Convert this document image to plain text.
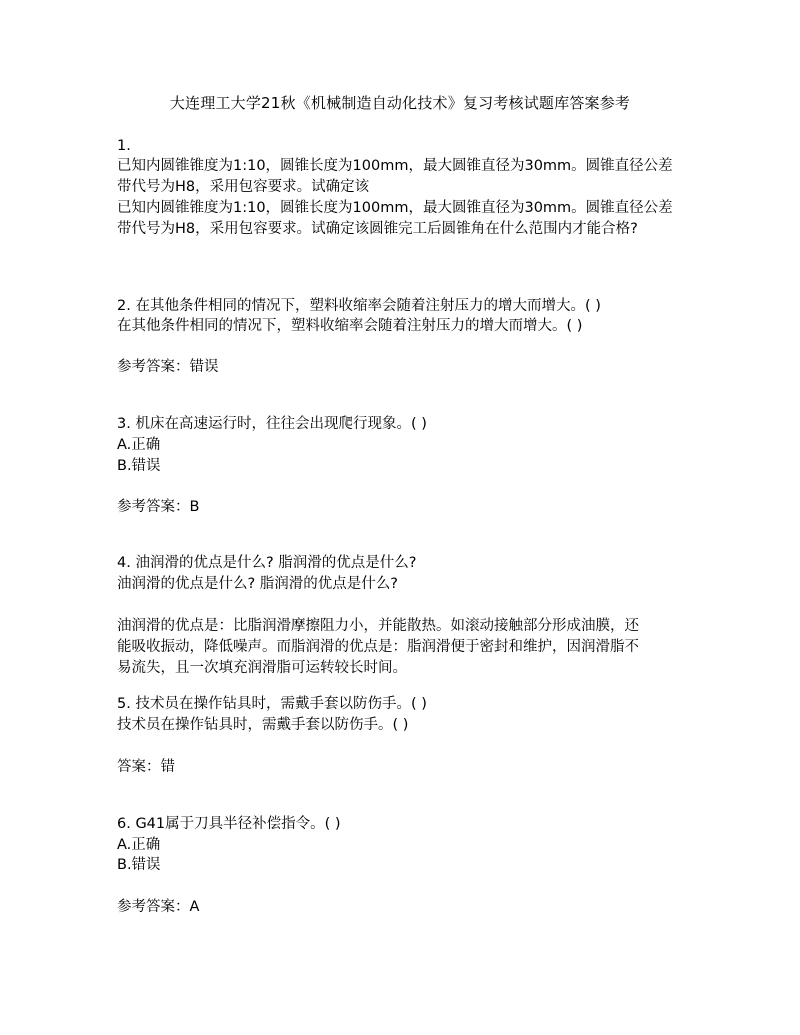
大连理工大学21秋《机械制造自动化技术》复习考核试题库答案参考
1.
已知内圆锥锥度为1:10，圆锥长度为100mm，最大圆锥直径为30mm。圆锥直径公差
带代号为H8，采用包容要求。试确定该
已知内圆锥锥度为1:10，圆锥长度为100mm，最大圆锥直径为30mm。圆锥直径公差
带代号为H8，采用包容要求。试确定该圆锥完工后圆锥角在什么范围内才能合格?
2. 在其他条件相同的情况下，塑料收缩率会随着注射压力的增大而增大。( )
在其他条件相同的情况下，塑料收缩率会随着注射压力的增大而增大。( )
参考答案：错误
3. 机床在高速运行时，往往会出现爬行现象。( )
A.正确
B.错误
参考答案：B
4. 油润滑的优点是什么? 脂润滑的优点是什么?
油润滑的优点是什么? 脂润滑的优点是什么?
油润滑的优点是：比脂润滑摩擦阻力小，并能散热。如滚动接触部分形成油膜，还
能吸收振动，降低噪声。而脂润滑的优点是：脂润滑便于密封和维护，因润滑脂不
易流失，且一次填充润滑脂可运转较长时间。
5. 技术员在操作钻具时，需戴手套以防伤手。( )
技术员在操作钻具时，需戴手套以防伤手。( )
答案：错
6. G41属于刀具半径补偿指令。( )
A.正确
B.错误
参考答案：A
